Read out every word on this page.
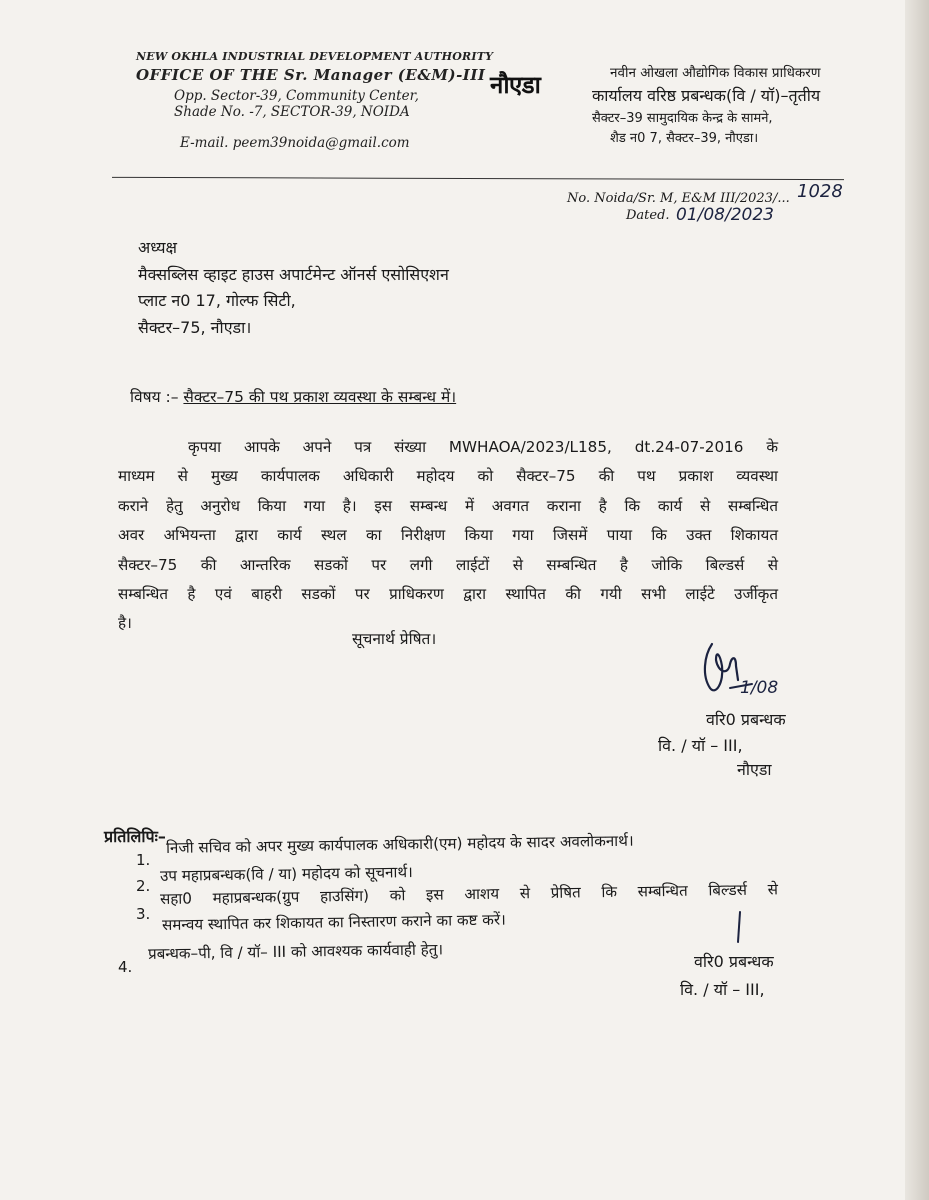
NEW OKHLA INDUSTRIAL DEVELOPMENT AUTHORITY
OFFICE OF THE Sr. Manager (E&M)-III
Opp. Sector-39, Community Center,
Shade No. -7, SECTOR-39, NOIDA
E-mail. peem39noida@gmail.com
नौएडा	नवीन ओखला औद्योगिक विकास प्राधिकरण
कार्यालय वरिष्ठ प्रबन्धक(वि / यॉ)–तृतीय
सैक्टर–39 सामुदायिक केन्द्र के सामने,
शैड न0 7, सैक्टर–39, नौएडा।
No. Noida/Sr. M, E&M III/2023/... 1028
Dated. 01/08/2023
अध्यक्ष
मैक्सब्लिस व्हाइट हाउस अपार्टमेन्ट ऑनर्स एसोसिएशन
प्लाट न0 17, गोल्फ सिटी,
सैक्टर–75, नौएडा।
विषय :– सैक्टर–75 की पथ प्रकाश व्यवस्था के सम्बन्ध में।
कृपया आपके अपने पत्र संख्या MWHAOA/2023/L185, dt.24-07-2016 के
माध्यम से मुख्य कार्यपालक अधिकारी महोदय को सैक्टर–75 की पथ प्रकाश व्यवस्था
कराने हेतु अनुरोध किया गया है। इस सम्बन्ध में अवगत कराना है कि कार्य से सम्बन्धित
अवर अभियन्ता द्वारा कार्य स्थल का निरीक्षण किया गया जिसमें पाया कि उक्त शिकायत
सैक्टर–75 की आन्तरिक सडकों पर लगी लाईटों से सम्बन्धित है जोकि बिल्डर्स से
सम्बन्धित है एवं बाहरी सडकों पर प्राधिकरण द्वारा स्थापित की गयी सभी लाईटे उर्जीकृत
है।
सूचनार्थ प्रेषित।
1/08
वरि0 प्रबन्धक
वि. / यॉ – III,
नौएडा
प्रतिलिपिः–
1.
निजी सचिव को अपर मुख्य कार्यपालक अधिकारी(एम) महोदय के सादर अवलोकनार्थ।
2.
उप महाप्रबन्धक(वि / या) महोदय को सूचनार्थ।
3.
सहा0 महाप्रबन्धक(ग्रुप हाउसिंग) को इस आशय से प्रेषित कि सम्बन्धित बिल्डर्स से
समन्वय स्थापित कर शिकायत का निस्तारण कराने का कष्ट करें।
4.
प्रबन्धक–पी, वि / यॉ– III को आवश्यक कार्यवाही हेतु।	वरि0 प्रबन्धक
वि. / यॉ – III,
